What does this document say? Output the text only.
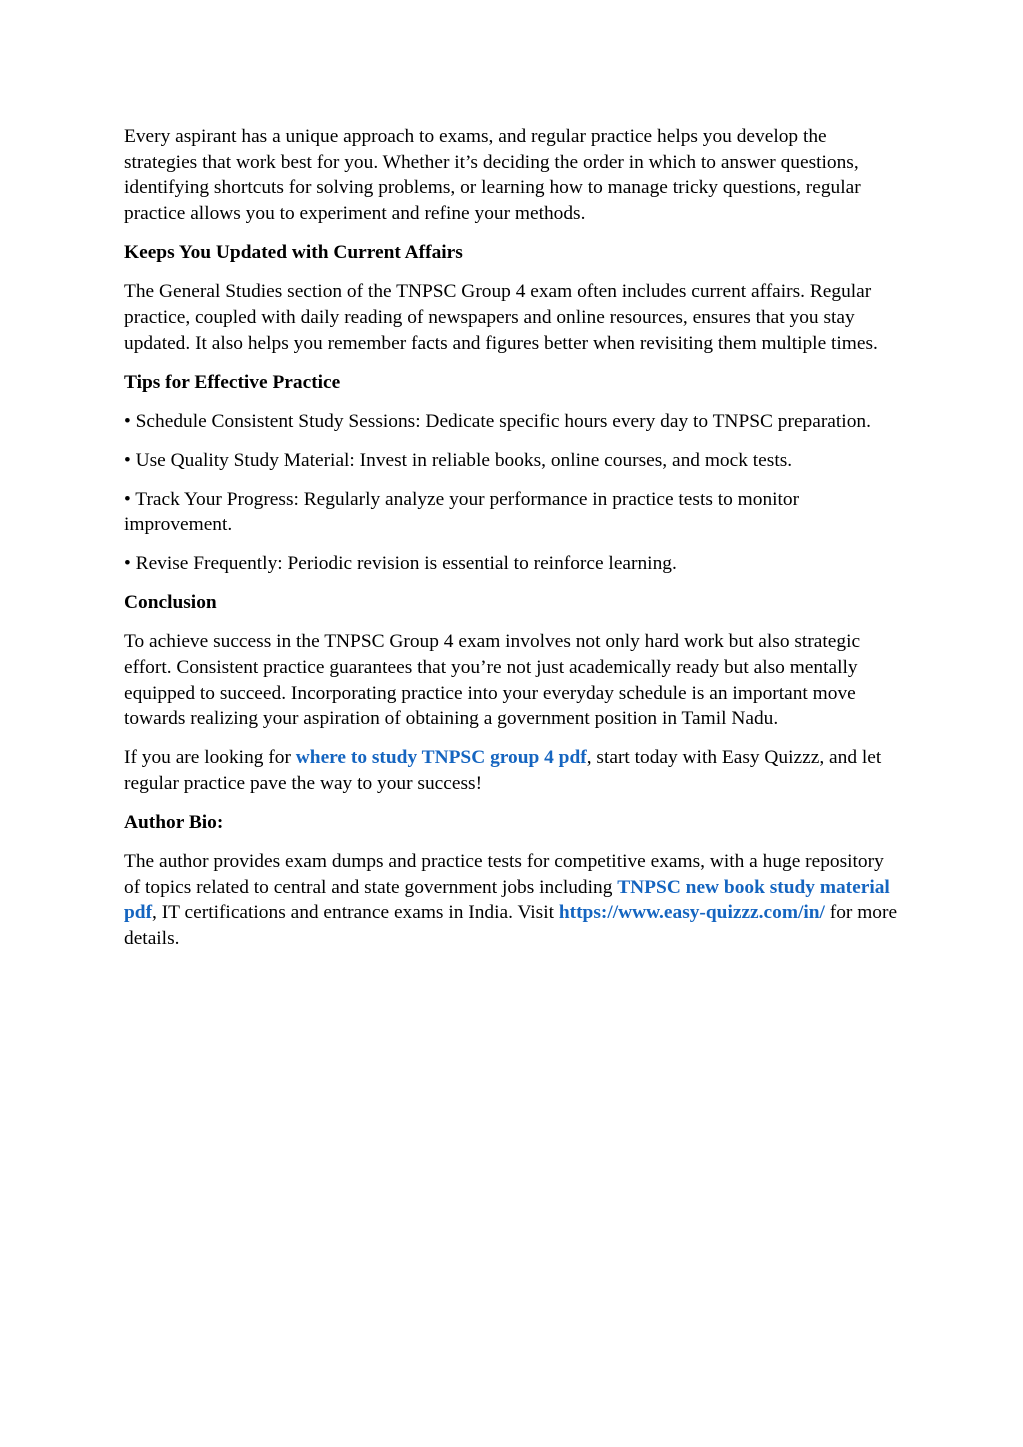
Every aspirant has a unique approach to exams, and regular practice helps you develop the strategies that work best for you. Whether it’s deciding the order in which to answer questions, identifying shortcuts for solving problems, or learning how to manage tricky questions, regular practice allows you to experiment and refine your methods.

Keeps You Updated with Current Affairs

The General Studies section of the TNPSC Group 4 exam often includes current affairs. Regular practice, coupled with daily reading of newspapers and online resources, ensures that you stay updated. It also helps you remember facts and figures better when revisiting them multiple times.

Tips for Effective Practice

• Schedule Consistent Study Sessions: Dedicate specific hours every day to TNPSC preparation.

• Use Quality Study Material: Invest in reliable books, online courses, and mock tests.

• Track Your Progress: Regularly analyze your performance in practice tests to monitor improvement.

• Revise Frequently: Periodic revision is essential to reinforce learning.

Conclusion

To achieve success in the TNPSC Group 4 exam involves not only hard work but also strategic effort. Consistent practice guarantees that you’re not just academically ready but also mentally equipped to succeed. Incorporating practice into your everyday schedule is an important move towards realizing your aspiration of obtaining a government position in Tamil Nadu.

If you are looking for where to study TNPSC group 4 pdf, start today with Easy Quizzz, and let regular practice pave the way to your success!

Author Bio:

The author provides exam dumps and practice tests for competitive exams, with a huge repository of topics related to central and state government jobs including TNPSC new book study material pdf, IT certifications and entrance exams in India. Visit https://www.easy-quizzz.com/in/ for more details.
